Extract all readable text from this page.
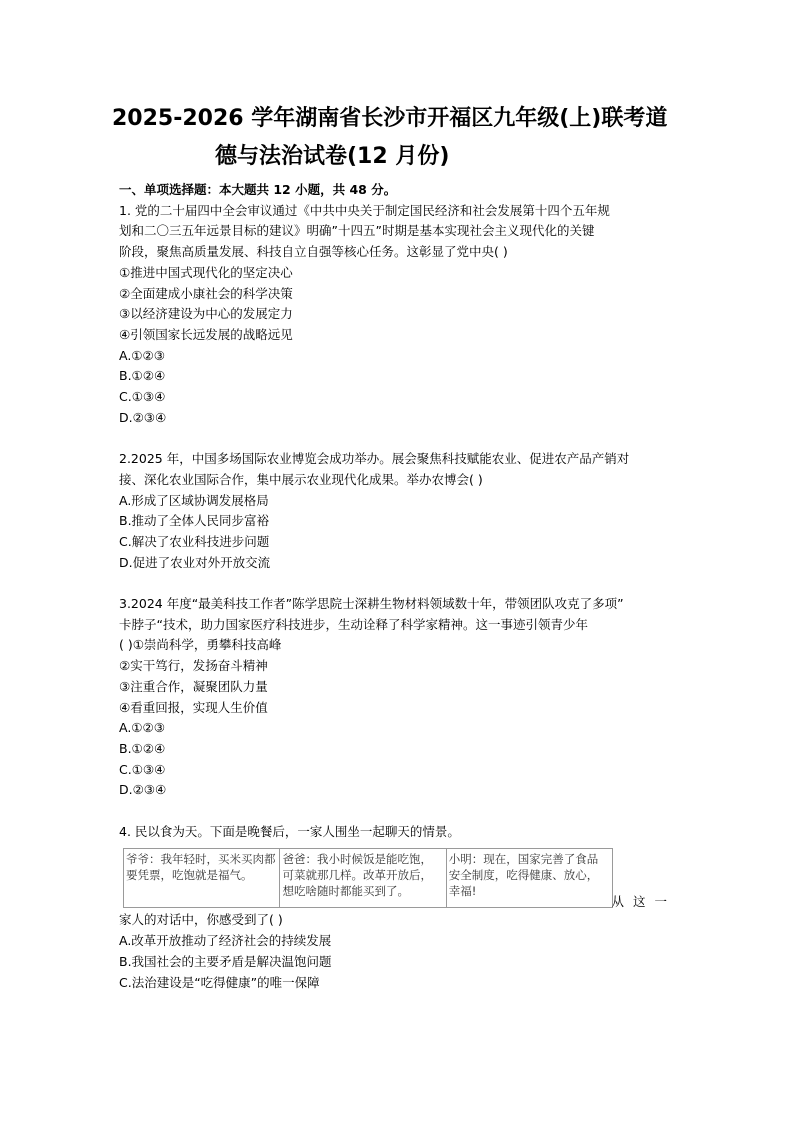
2025-2026 学年湖南省长沙市开福区九年级(上)联考道
德与法治试卷(12 月份)

一、单项选择题：本大题共 12 小题，共 48 分。

1. 党的二十届四中全会审议通过《中共中央关于制定国民经济和社会发展第十四个五年规

划和二〇三五年远景目标的建议》明确”十四五”时期是基本实现社会主义现代化的关键

阶段，聚焦高质量发展、科技自立自强等核心任务。这彰显了党中央( )

①推进中国式现代化的坚定决心

②全面建成小康社会的科学决策

③以经济建设为中心的发展定力

④引领国家长远发展的战略远见

A.①②③

B.①②④

C.①③④

D.②③④

2.2025 年，中国多场国际农业博览会成功举办。展会聚焦科技赋能农业、促进农产品产销对

接、深化农业国际合作，集中展示农业现代化成果。举办农博会( )

A.形成了区域协调发展格局

B.推动了全体人民同步富裕

C.解决了农业科技进步问题

D.促进了农业对外开放交流

3.2024 年度“最美科技工作者”陈学思院士深耕生物材料领域数十年，带领团队攻克了多项”

卡脖子“技术，助力国家医疗科技进步，生动诠释了科学家精神。这一事迹引领青少年

( )①崇尚科学，勇攀科技高峰

②实干笃行，发扬奋斗精神

③注重合作，凝聚团队力量

④看重回报，实现人生价值

A.①②③

B.①②④

C.①③④

D.②③④

4. 民以食为天。下面是晚餐后，一家人围坐一起聊天的情景。

爷爷：我年轻时，买米买肉都要凭票，吃饱就是福气。	爸爸：我小时候饭是能吃饱，可菜就那几样。改革开放后，想吃啥随时都能买到了。	小明：现在，国家完善了食品安全制度，吃得健康、放心，幸福!
从这一

家人的对话中，你感受到了( )

A.改革开放推动了经济社会的持续发展

B.我国社会的主要矛盾是解决温饱问题

C.法治建设是“吃得健康”的唯一保障
